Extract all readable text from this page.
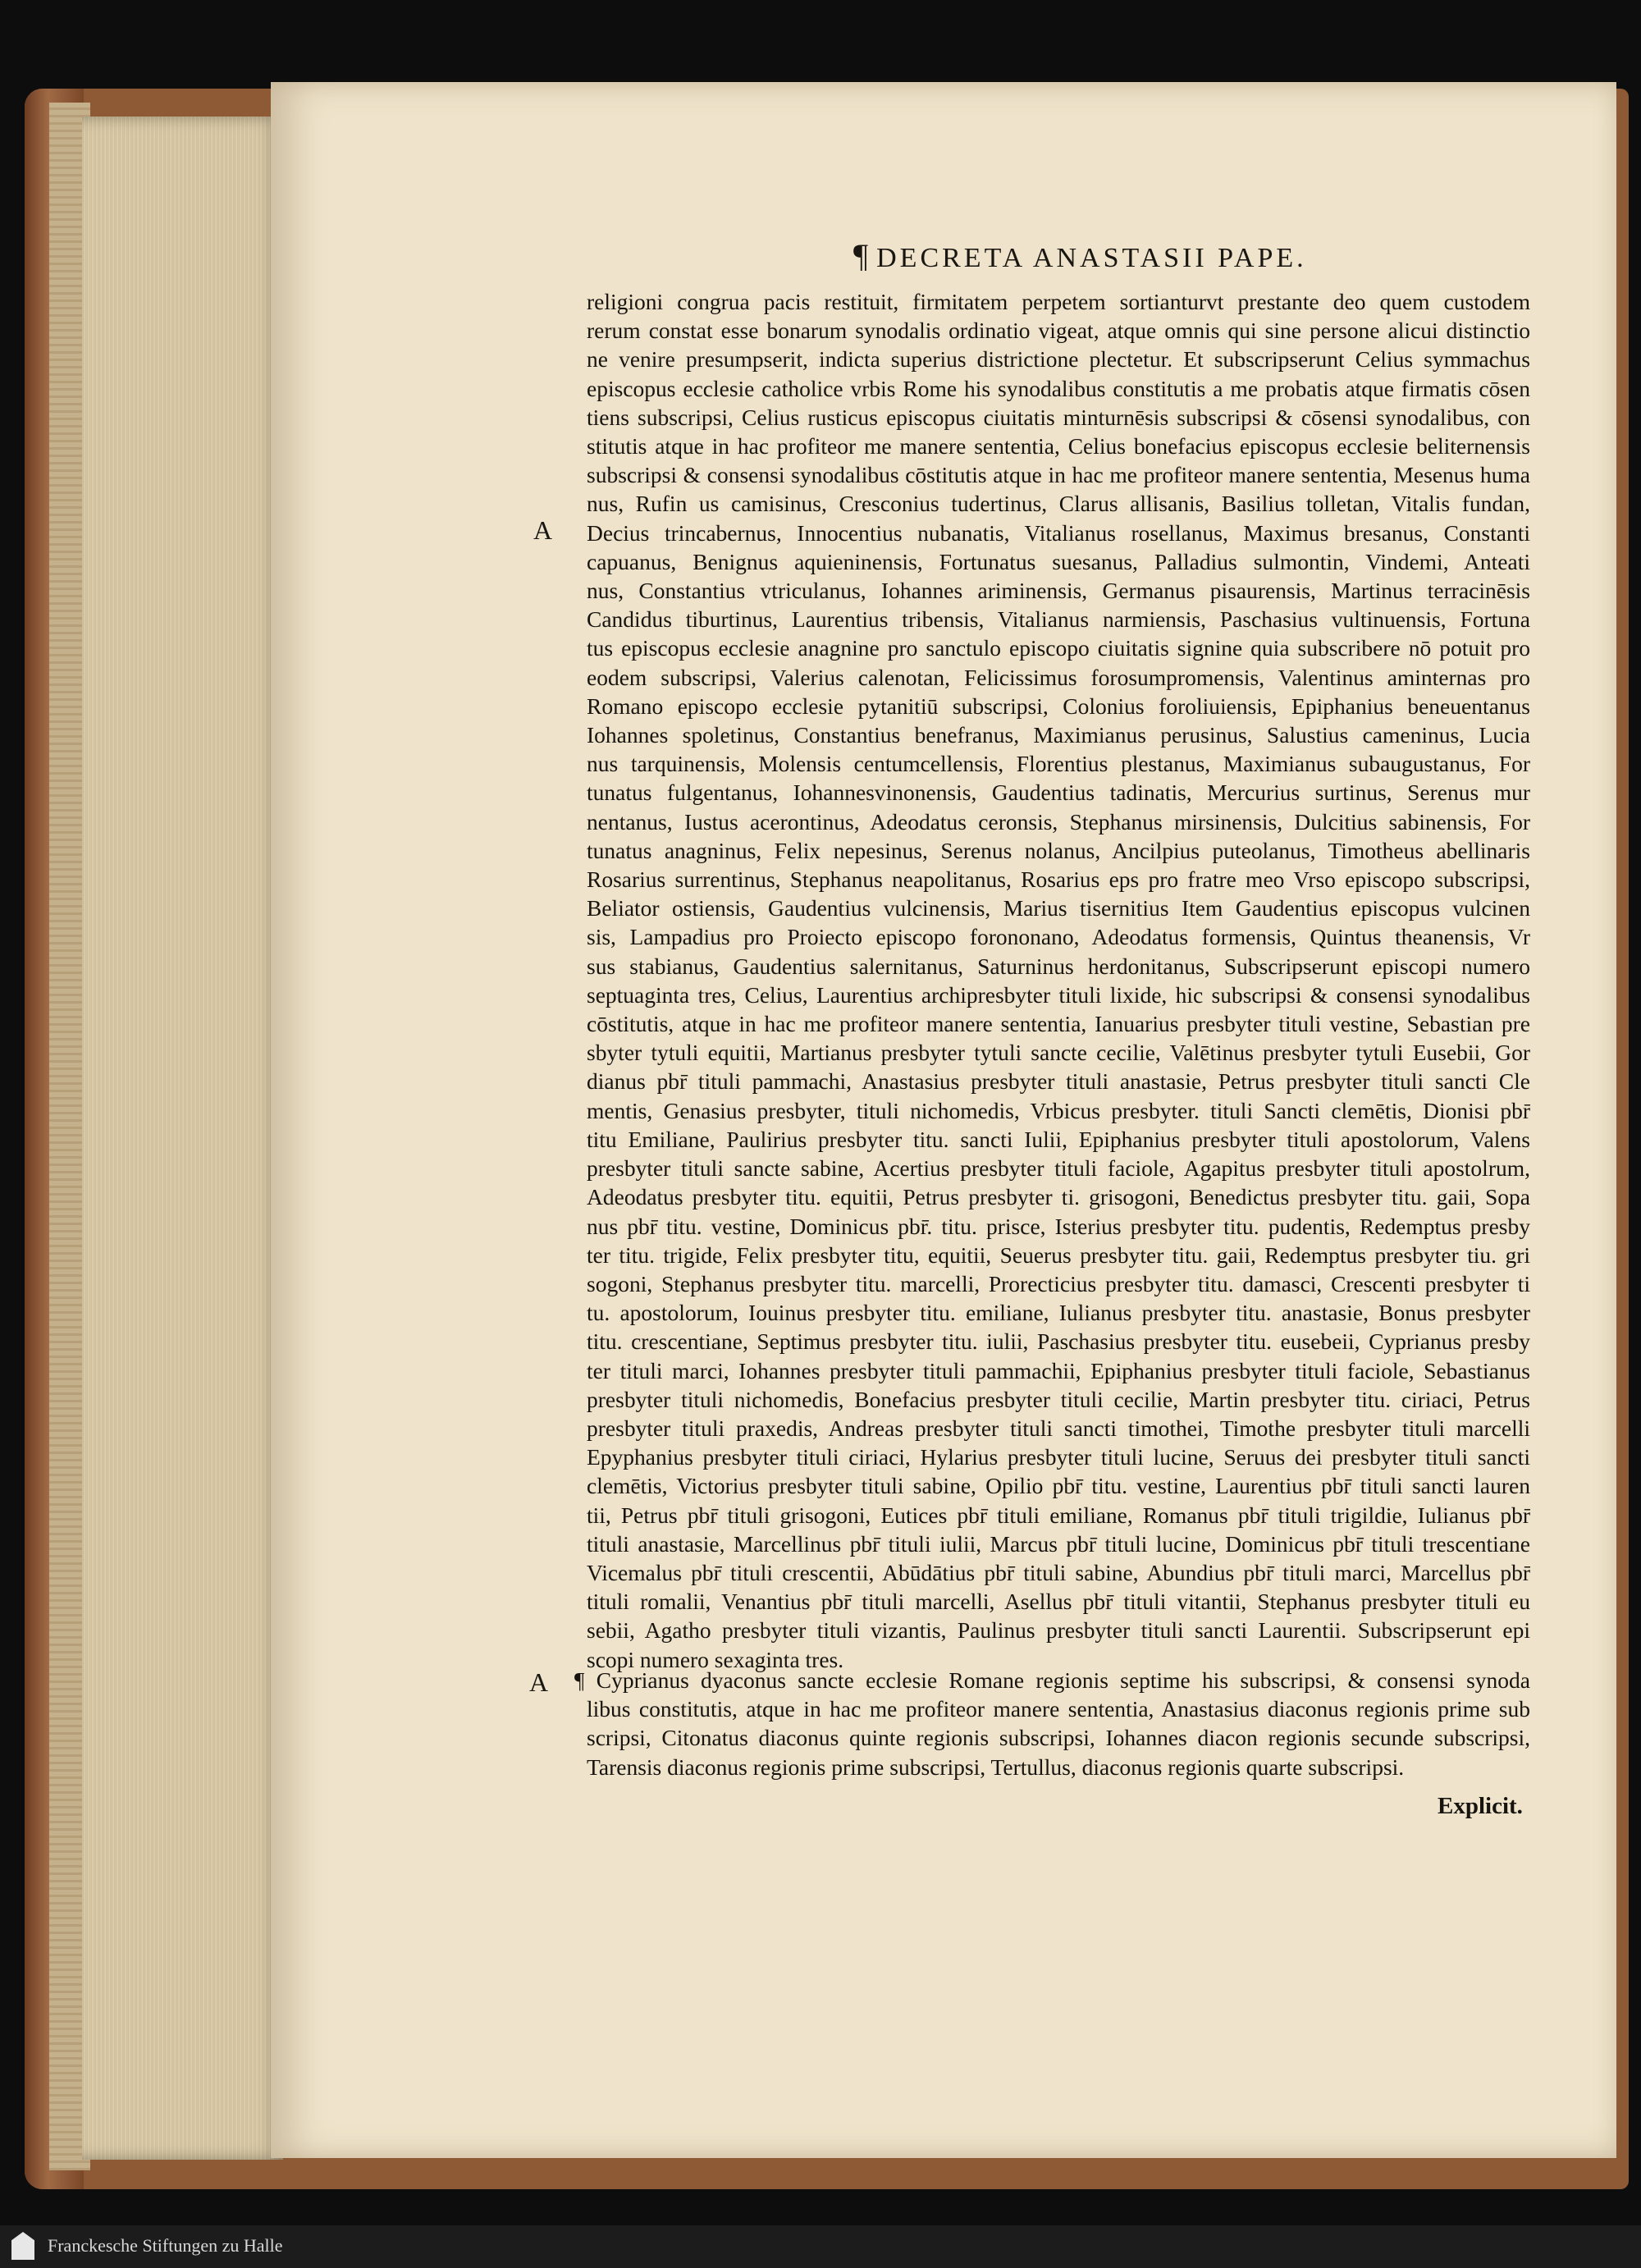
¶ DECRETA ANASTASII PAPE.
A
religioni congrua pacis restituit, firmitatem perpetem sortianturvt prestante deo quem custodem
rerum constat esse bonarum synodalis ordinatio vigeat, atque omnis qui sine persone alicui distinctio
ne venire presumpserit, indicta superius districtione plectetur. Et subscripserunt Celius symmachus
episcopus ecclesie catholice vrbis Rome his synodalibus constitutis a me probatis atque firmatis cōsen
tiens subscripsi, Celius rusticus episcopus ciuitatis minturnēsis subscripsi & cōsensi synodalibus, con
stitutis atque in hac profiteor me manere sententia, Celius bonefacius episcopus ecclesie beliternensis
subscripsi & consensi synodalibus cōstitutis atque in hac me profiteor manere sententia, Mesenus huma
nus, Rufin us camisinus, Cresconius tudertinus, Clarus allisanis, Basilius tolletan, Vitalis fundan,
Decius trincabernus, Innocentius nubanatis, Vitalianus rosellanus, Maximus bresanus, Constanti
capuanus, Benignus aquieninensis, Fortunatus suesanus, Palladius sulmontin, Vindemi, Anteati
nus, Constantius vtriculanus, Iohannes ariminensis, Germanus pisaurensis, Martinus terracinēsis
Candidus tiburtinus, Laurentius tribensis, Vitalianus narmiensis, Paschasius vultinuensis, Fortuna
tus episcopus ecclesie anagnine pro sanctulo episcopo ciuitatis signine quia subscribere nō potuit pro
eodem subscripsi, Valerius calenotan, Felicissimus forosumpromensis, Valentinus aminternas pro
Romano episcopo ecclesie pytanitiū subscripsi, Colonius foroliuiensis, Epiphanius beneuentanus
Iohannes spoletinus, Constantius benefranus, Maximianus perusinus, Salustius cameninus, Lucia
nus tarquinensis, Molensis centumcellensis, Florentius plestanus, Maximianus subaugustanus, For
tunatus fulgentanus, Iohannesvinonensis, Gaudentius tadinatis, Mercurius surtinus, Serenus mur
nentanus, Iustus acerontinus, Adeodatus ceronsis, Stephanus mirsinensis, Dulcitius sabinensis, For
tunatus anagninus, Felix nepesinus, Serenus nolanus, Ancilpius puteolanus, Timotheus abellinaris
Rosarius surrentinus, Stephanus neapolitanus, Rosarius eps pro fratre meo Vrso episcopo subscripsi,
Beliator ostiensis, Gaudentius vulcinensis, Marius tisernitius Item Gaudentius episcopus vulcinen
sis, Lampadius pro Proiecto episcopo forononano, Adeodatus formensis, Quintus theanensis, Vr
sus stabianus, Gaudentius salernitanus, Saturninus herdonitanus, Subscripserunt episcopi numero
septuaginta tres, Celius, Laurentius archipresbyter tituli lixide, hic subscripsi & consensi synodalibus
cōstitutis, atque in hac me profiteor manere sententia, Ianuarius presbyter tituli vestine, Sebastian pre
sbyter tytuli equitii, Martianus presbyter tytuli sancte cecilie, Valētinus presbyter tytuli Eusebii, Gor
dianus pbr̄ tituli pammachi, Anastasius presbyter tituli anastasie, Petrus presbyter tituli sancti Cle
mentis, Genasius presbyter, tituli nichomedis, Vrbicus presbyter. tituli Sancti clemētis, Dionisi pbr̄
titu Emiliane, Paulirius presbyter titu. sancti Iulii, Epiphanius presbyter tituli apostolorum, Valens
presbyter tituli sancte sabine, Acertius presbyter tituli faciole, Agapitus presbyter tituli apostolrum,
Adeodatus presbyter titu. equitii, Petrus presbyter ti. grisogoni, Benedictus presbyter titu. gaii, Sopa
nus pbr̄ titu. vestine, Dominicus pbr̄. titu. prisce, Isterius presbyter titu. pudentis, Redemptus presby
ter titu. trigide, Felix presbyter titu, equitii, Seuerus presbyter titu. gaii, Redemptus presbyter tiu. gri
sogoni, Stephanus presbyter titu. marcelli, Prorecticius presbyter titu. damasci, Crescenti presbyter ti
tu. apostolorum, Iouinus presbyter titu. emiliane, Iulianus presbyter titu. anastasie, Bonus presbyter
titu. crescentiane, Septimus presbyter titu. iulii, Paschasius presbyter titu. eusebeii, Cyprianus presby
ter tituli marci, Iohannes presbyter tituli pammachii, Epiphanius presbyter tituli faciole, Sebastianus
presbyter tituli nichomedis, Bonefacius presbyter tituli cecilie, Martin presbyter titu. ciriaci, Petrus
presbyter tituli praxedis, Andreas presbyter tituli sancti timothei, Timothe presbyter tituli marcelli
Epyphanius presbyter tituli ciriaci, Hylarius presbyter tituli lucine, Seruus dei presbyter tituli sancti
clemētis, Victorius presbyter tituli sabine, Opilio pbr̄ titu. vestine, Laurentius pbr̄ tituli sancti lauren
tii, Petrus pbr̄ tituli grisogoni, Eutices pbr̄ tituli emiliane, Romanus pbr̄ tituli trigildie, Iulianus pbr̄
tituli anastasie, Marcellinus pbr̄ tituli iulii, Marcus pbr̄ tituli lucine, Dominicus pbr̄ tituli trescentiane
Vicemalus pbr̄ tituli crescentii, Abūdātius pbr̄ tituli sabine, Abundius pbr̄ tituli marci, Marcellus pbr̄
tituli romalii, Venantius pbr̄ tituli marcelli, Asellus pbr̄ tituli vitantii, Stephanus presbyter tituli eu
sebii, Agatho presbyter tituli vizantis, Paulinus presbyter tituli sancti Laurentii. Subscripserunt epi
scopi numero sexaginta tres.
A ¶ Cyprianus dyaconus sancte ecclesie Romane regionis septime his subscripsi, & consensi synoda
libus constitutis, atque in hac me profiteor manere sententia, Anastasius diaconus regionis prime sub
scripsi, Citonatus diaconus quinte regionis subscripsi, Iohannes diacon regionis secunde subscripsi,
Tarensis diaconus regionis prime subscripsi, Tertullus, diaconus regionis quarte subscripsi.
Explicit.
Franckesche Stiftungen zu Halle
